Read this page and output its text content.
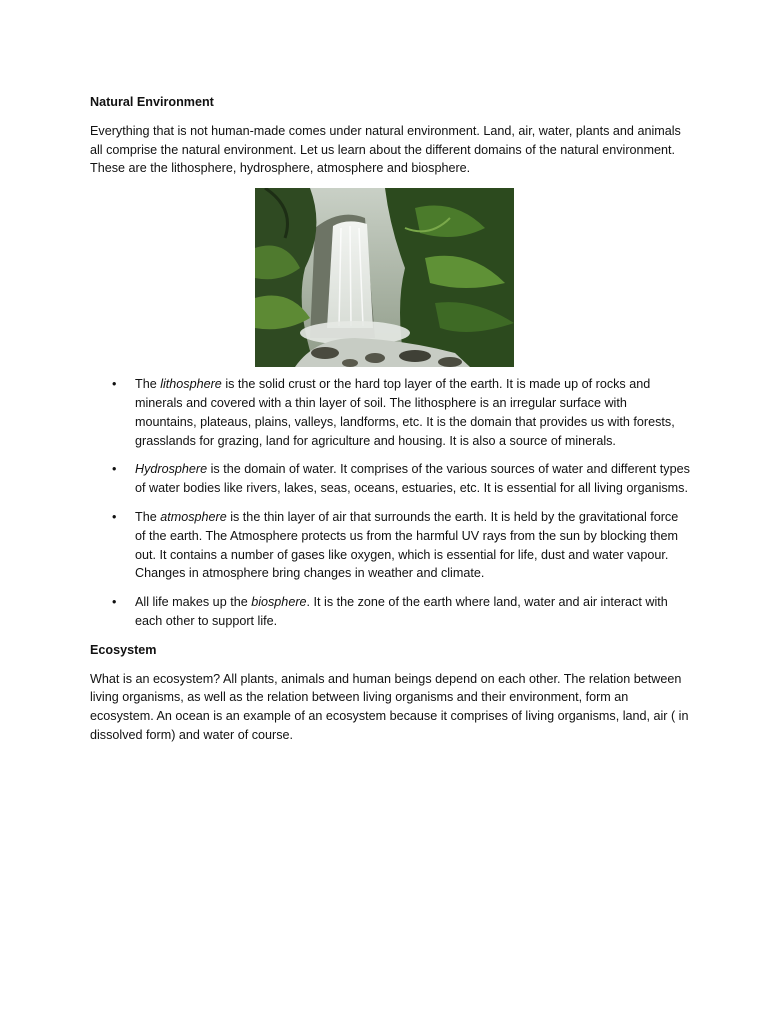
Natural Environment

Everything that is not human-made comes under natural environment. Land, air, water, plants and animals all comprise the natural environment. Let us learn about the different domains of the natural environment. These are the lithosphere, hydrosphere, atmosphere and biosphere.

• The lithosphere is the solid crust or the hard top layer of the earth. It is made up of rocks and minerals and covered with a thin layer of soil. The lithosphere is an irregular surface with mountains, plateaus, plains, valleys, landforms, etc. It is the domain that provides us with forests, grasslands for grazing, land for agriculture and housing. It is also a source of minerals.
• Hydrosphere is the domain of water. It comprises of the various sources of water and different types of water bodies like rivers, lakes, seas, oceans, estuaries, etc. It is essential for all living organisms.
• The atmosphere is the thin layer of air that surrounds the earth. It is held by the gravitational force of the earth. The Atmosphere protects us from the harmful UV rays from the sun by blocking them out. It contains a number of gases like oxygen, which is essential for life, dust and water vapour. Changes in atmosphere bring changes in weather and climate.
• All life makes up the biosphere. It is the zone of the earth where land, water and air interact with each other to support life.
Ecosystem

What is an ecosystem? All plants, animals and human beings depend on each other. The relation between living organisms, as well as the relation between living organisms and their environment, form an ecosystem. An ocean is an example of an ecosystem because it comprises of living organisms, land, air ( in dissolved form) and water of course.
